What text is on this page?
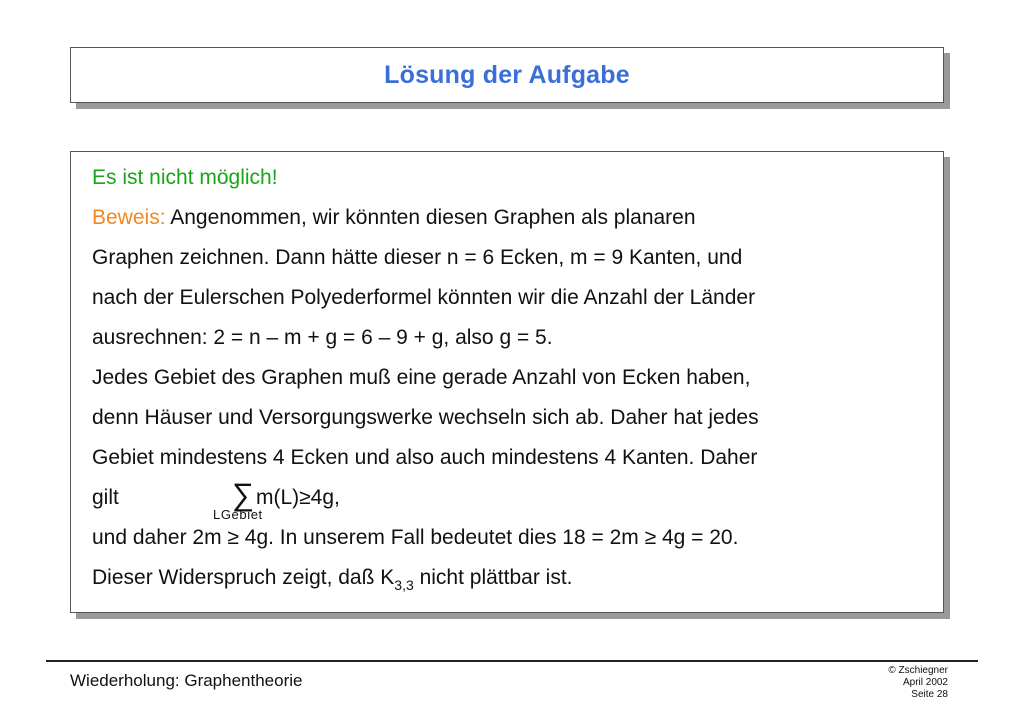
Lösung der Aufgabe
Es ist nicht möglich!
Beweis: Angenommen, wir könnten diesen Graphen als planaren
Graphen zeichnen. Dann hätte dieser n = 6 Ecken, m = 9 Kanten, und
nach der Eulerschen Polyederformel könnten wir die Anzahl der Länder
ausrechnen: 2 = n – m + g = 6 – 9 + g, also g = 5.
Jedes Gebiet des Graphen muß eine gerade Anzahl von Ecken haben,
denn Häuser und Versorgungswerke wechseln sich ab. Daher hat jedes
Gebiet mindestens 4 Ecken und also auch mindestens 4 Kanten. Daher
gilt	∑ m(L)≥4g,
LGebiet
und daher 2m ≥ 4g. In unserem Fall bedeutet dies 18 = 2m ≥ 4g = 20.
Dieser Widerspruch zeigt, daß $K_{3,3}$ nicht plättbar ist.
Wiederholung: Graphentheorie
© Zschiegner
April 2002
Seite 28
